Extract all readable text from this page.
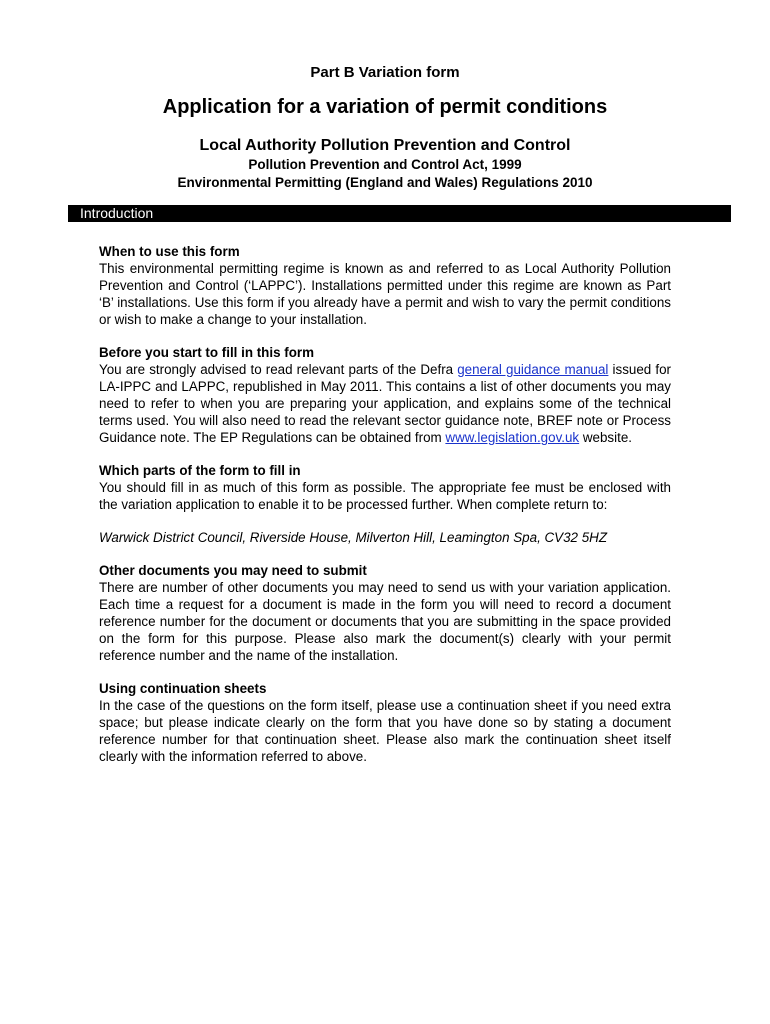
Part B Variation form
Application for a variation of permit conditions
Local Authority Pollution Prevention and Control
Pollution Prevention and Control Act, 1999
Environmental Permitting (England and Wales) Regulations 2010
Introduction
When to use this form

This environmental permitting regime is known as and referred to as Local Authority Pollution Prevention and Control (‘LAPPC’). Installations permitted under this regime are known as Part ‘B’ installations. Use this form if you already have a permit and wish to vary the permit conditions or wish to make a change to your installation.

Before you start to fill in this form

You are strongly advised to read relevant parts of the Defra general guidance manual issued for LA-IPPC and LAPPC, republished in May 2011. This contains a list of other documents you may need to refer to when you are preparing your application, and explains some of the technical terms used. You will also need to read the relevant sector guidance note, BREF note or Process Guidance note. The EP Regulations can be obtained from www.legislation.gov.uk website.

Which parts of the form to fill in

You should fill in as much of this form as possible. The appropriate fee must be enclosed with the variation application to enable it to be processed further. When complete return to:

Warwick District Council, Riverside House, Milverton Hill, Leamington Spa, CV32 5HZ
Other documents you may need to submit

There are number of other documents you may need to send us with your variation application. Each time a request for a document is made in the form you will need to record a document reference number for the document or documents that you are submitting in the space provided on the form for this purpose. Please also mark the document(s) clearly with your permit reference number and the name of the installation.

Using continuation sheets

In the case of the questions on the form itself, please use a continuation sheet if you need extra space; but please indicate clearly on the form that you have done so by stating a document reference number for that continuation sheet. Please also mark the continuation sheet itself clearly with the information referred to above.
